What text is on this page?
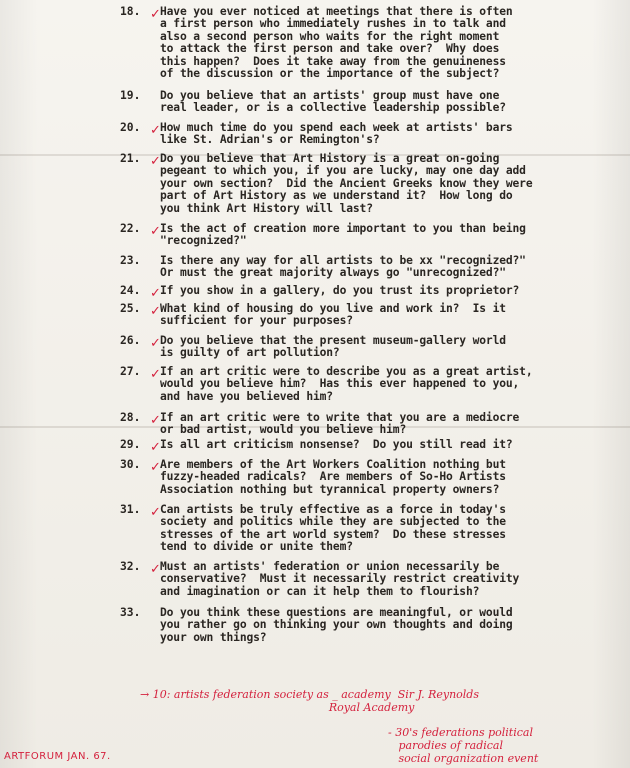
18. ✓ Have you ever noticed at meetings that there is often
a first person who immediately rushes in to talk and
also a second person who waits for the right moment
to attack the first person and take over?  Why does
this happen?  Does it take away from the genuineness
of the discussion or the importance of the subject?
19.	Do you believe that an artists' group must have one
real leader, or is a collective leadership possible?
20. ✓ How much time do you spend each week at artists' bars
like St. Adrian's or Remington's?
21. ✓ Do you believe that Art History is a great on-going
pegeant to which you, if you are lucky, may one day add
your own section?  Did the Ancient Greeks know they were
part of Art History as we understand it?  How long do
you think Art History will last?
22. ✓ Is the act of creation more important to you than being
"recognized?"
23.	Is there any way for all artists to be xx "recognized?"
Or must the great majority always go "unrecognized?"
24. ✓ If you show in a gallery, do you trust its proprietor?
25. ✓ What kind of housing do you live and work in?  Is it
sufficient for your purposes?
26. ✓ Do you believe that the present museum-gallery world
is guilty of art pollution?
27. ✓ If an art critic were to describe you as a great artist,
would you believe him?  Has this ever happened to you,
and have you believed him?
28. ✓ If an art critic were to write that you are a mediocre
or bad artist, would you believe him?
29. ✓ Is all art criticism nonsense?  Do you still read it?
30. ✓ Are members of the Art Workers Coalition nothing but
fuzzy-headed radicals?  Are members of So-Ho Artists
Association nothing but tyrannical property owners?
31. ✓ Can artists be truly effective as a force in today's
society and politics while they are subjected to the
stresses of the art world system?  Do these stresses
tend to divide or unite them?
32. ✓ Must an artists' federation or union necessarily be
conservative?  Must it necessarily restrict creativity
and imagination or can it help them to flourish?
33.	Do you think these questions are meaningful, or would
you rather go on thinking your own thoughts and doing
your own things?
→ 10: artists federation society as _ academy  Sir J. Reynolds
Royal Academy
- 30's federations political
parodies of radical
social organization event
ARTFORUM JAN. 67.
